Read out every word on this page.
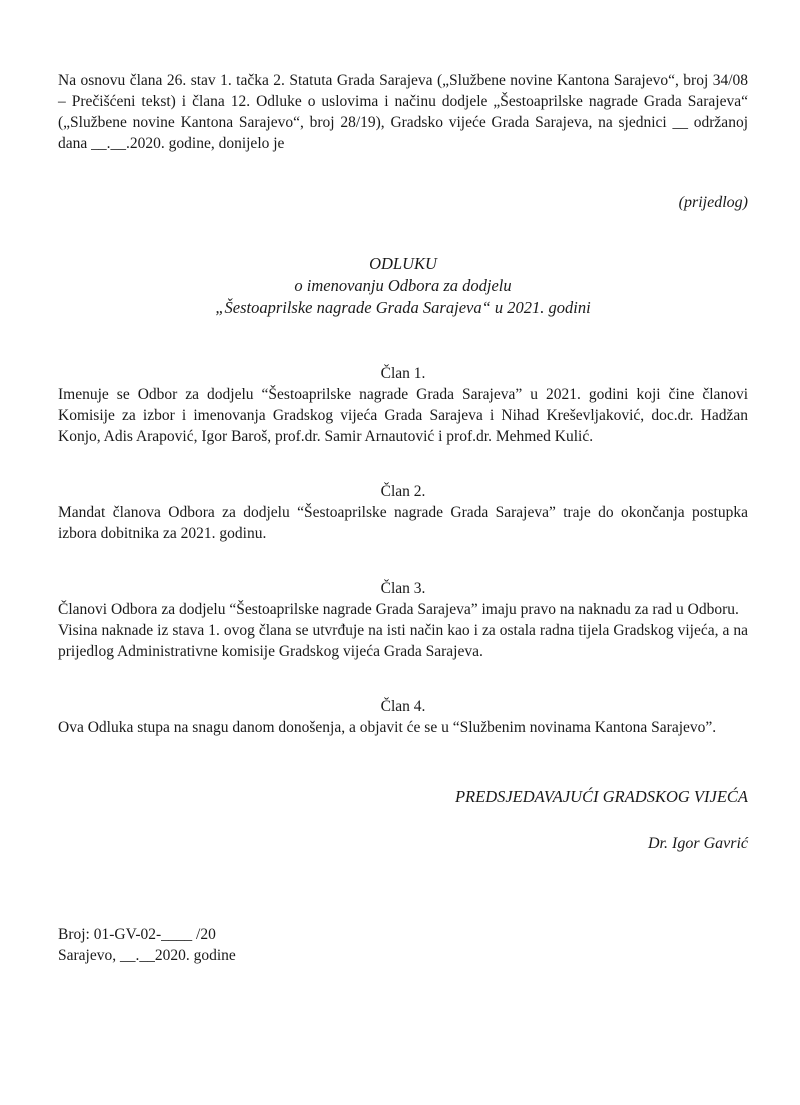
Na osnovu člana 26. stav 1. tačka 2. Statuta Grada Sarajeva („Službene novine Kantona Sarajevo“, broj 34/08 – Prečišćeni tekst) i člana 12. Odluke o uslovima i načinu dodjele „Šestoaprilske nagrade Grada Sarajeva“ („Službene novine Kantona Sarajevo“, broj 28/19), Gradsko vijeće Grada Sarajeva, na sjednici __ održanoj dana __.__.2020. godine, donijelo je

(prijedlog)

ODLUKU
o imenovanju Odbora za dodjelu
„Šestoaprilske nagrade Grada Sarajeva“ u 2021. godini
Član 1.

Imenuje se Odbor za dodjelu “Šestoaprilske nagrade Grada Sarajeva” u 2021. godini koji čine članovi Komisije za izbor i imenovanja Gradskog vijeća Grada Sarajeva i Nihad Kreševljaković, doc.dr. Hadžan Konjo, Adis Arapović, Igor Baroš, prof.dr. Samir Arnautović i prof.dr. Mehmed Kulić.

Član 2.

Mandat članova Odbora za dodjelu “Šestoaprilske nagrade Grada Sarajeva” traje do okončanja postupka izbora dobitnika za 2021. godinu.

Član 3.

Članovi Odbora za dodjelu “Šestoaprilske nagrade Grada Sarajeva” imaju pravo na naknadu za rad u Odboru.

Visina naknade iz stava 1. ovog člana se utvrđuje na isti način kao i za ostala radna tijela Gradskog vijeća, a na prijedlog Administrativne komisije Gradskog vijeća Grada Sarajeva.

Član 4.

Ova Odluka stupa na snagu danom donošenja, a objavit će se u “Službenim novinama Kantona Sarajevo”.

PREDSJEDAVAJUĆI GRADSKOG VIJEĆA

Dr. Igor Gavrić

Broj: 01-GV-02-____ /20
Sarajevo, __.__2020. godine
